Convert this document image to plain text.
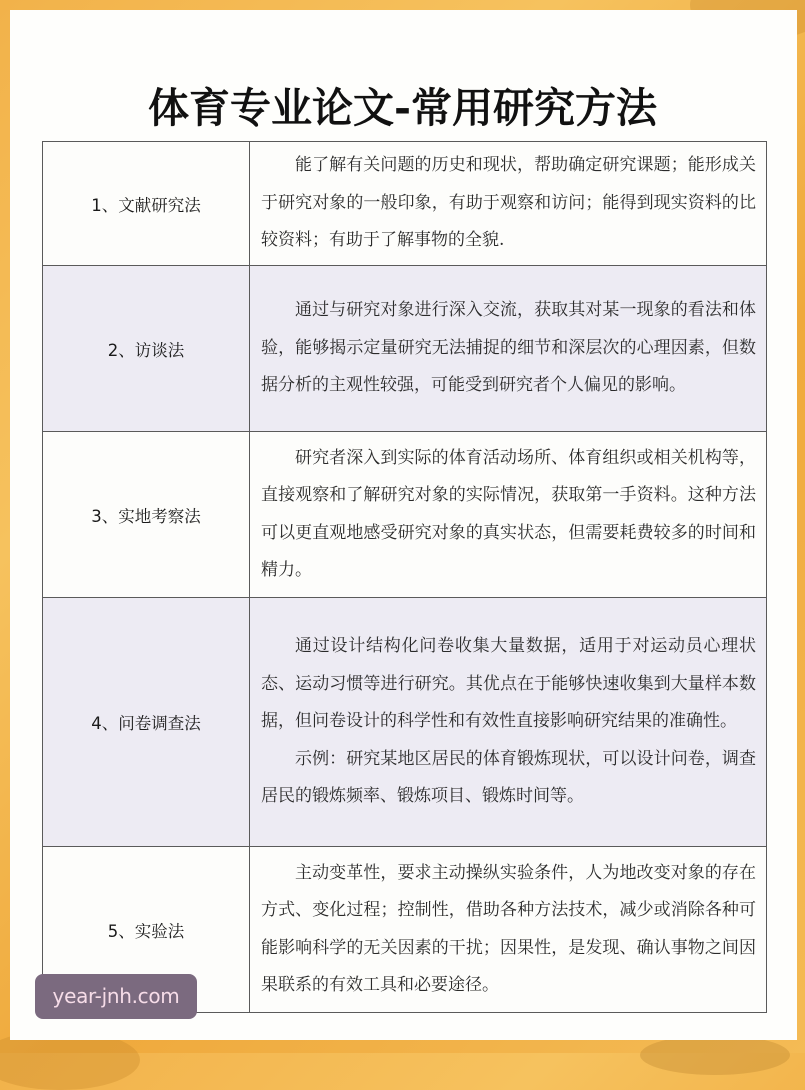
体育专业论文-常用研究方法
1、文献研究法	能了解有关问题的历史和现状，帮助确定研究课题；能形成关于研究对象的一般印象，有助于观察和访问；能得到现实资料的比较资料；有助于了解事物的全貌.

2、访谈法	通过与研究对象进行深入交流，获取其对某一现象的看法和体验，能够揭示定量研究无法捕捉的细节和深层次的心理因素，但数据分析的主观性较强，可能受到研究者个人偏见的影响。

3、实地考察法	研究者深入到实际的体育活动场所、体育组织或相关机构等，直接观察和了解研究对象的实际情况，获取第一手资料。这种方法可以更直观地感受研究对象的真实状态，但需要耗费较多的时间和精力。

4、问卷调查法	通过设计结构化问卷收集大量数据，适用于对运动员心理状态、运动习惯等进行研究。其优点在于能够快速收集到大量样本数据，但问卷设计的科学性和有效性直接影响研究结果的准确性。

示例：研究某地区居民的体育锻炼现状，可以设计问卷，调查居民的锻炼频率、锻炼项目、锻炼时间等。

5、实验法	主动变革性，要求主动操纵实验条件，人为地改变对象的存在方式、变化过程；控制性，借助各种方法技术，减少或消除各种可能影响科学的无关因素的干扰；因果性，是发现、确认事物之间因果联系的有效工具和必要途径。

year-jnh.com
